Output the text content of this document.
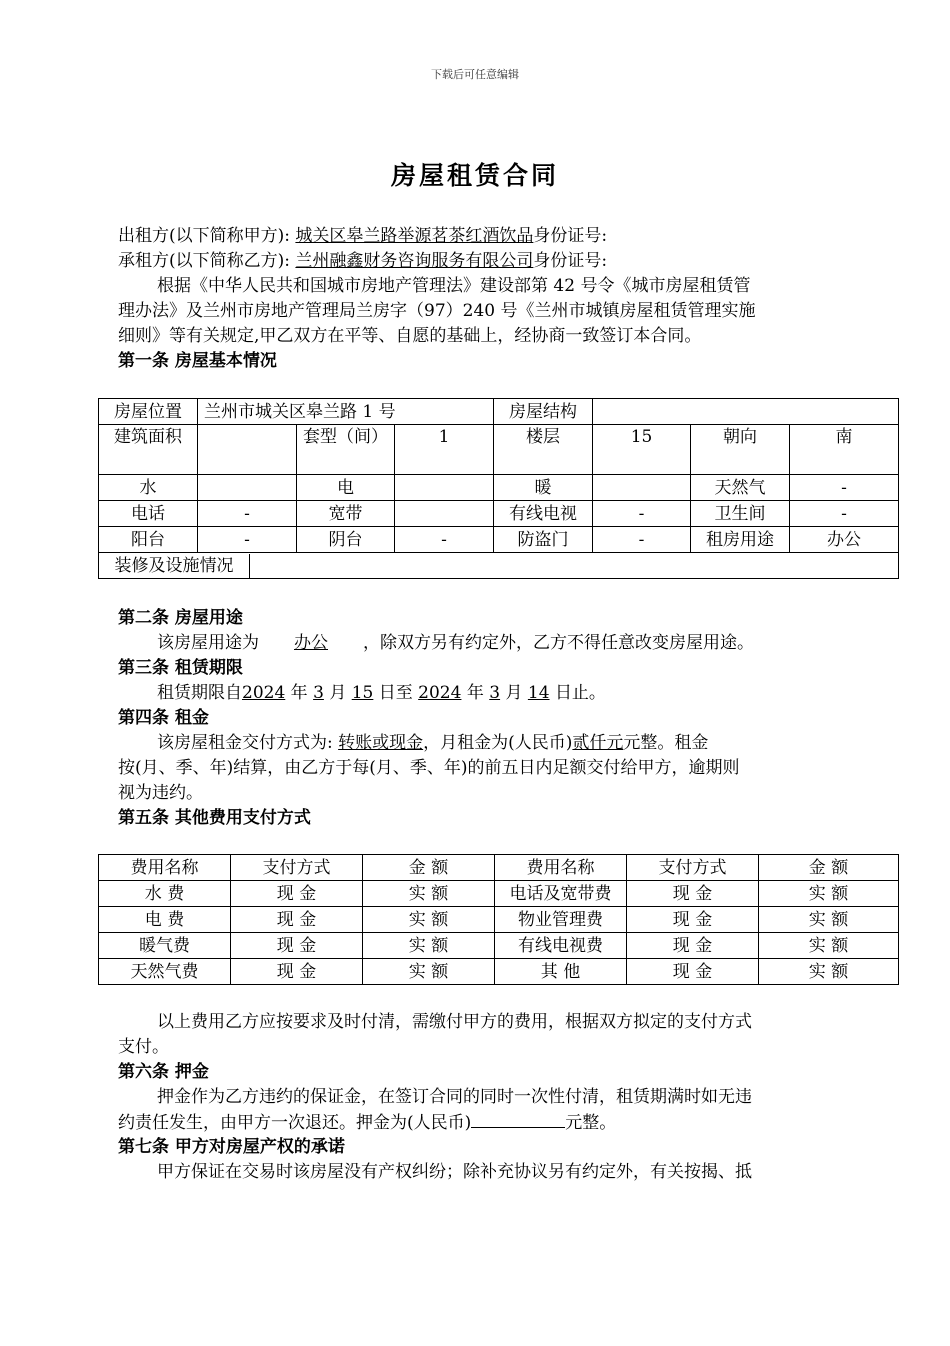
下载后可任意编辑
房屋租赁合同
出租方(以下简称甲方): 城关区皋兰路举源茗茶红酒饮品身份证号:
承租方(以下简称乙方): 兰州融鑫财务咨询服务有限公司身份证号:
根据《中华人民共和国城市房地产管理法》建设部第 42 号令《城市房屋租赁管
理办法》及兰州市房地产管理局兰房字（97）240 号《兰州市城镇房屋租赁管理实施
细则》等有关规定,甲乙双方在平等、自愿的基础上，经协商一致签订本合同。
第一条 房屋基本情况
房屋位置	兰州市城关区皋兰路 1 号			房屋结构			
建筑面积		套型（间）	1	楼层	15	朝向	南
水		电		暖		天然气	-
电话	-	宽带		有线电视	-	卫生间	-
阳台	-	阴台	-	防盗门	-	租房用途	办公
装修及设施情况							
第二条 房屋用途
该房屋用途为 办公 ，除双方另有约定外，乙方不得任意改变房屋用途。
第三条 租赁期限
租赁期限自2024 年 3 月 15 日至 2024 年 3 月 14 日止。
第四条 租金
该房屋租金交付方式为: 转账或现金，月租金为(人民币)贰仟元元整。租金
按(月、季、年)结算，由乙方于每(月、季、年)的前五日内足额交付给甲方，逾期则
视为违约。
第五条 其他费用支付方式
费用名称	支付方式	金 额	费用名称	支付方式	金 额
水 费	现 金	实 额	电话及宽带费	现 金	实 额
电 费	现 金	实 额	物业管理费	现 金	实 额
暖气费	现 金	实 额	有线电视费	现 金	实 额
天然气费	现 金	实 额	其 他	现 金	实 额
以上费用乙方应按要求及时付清，需缴付甲方的费用，根据双方拟定的支付方式
支付。
第六条 押金
押金作为乙方违约的保证金，在签订合同的同时一次性付清，租赁期满时如无违
约责任发生，由甲方一次退还。押金为(人民币)	元整。
第七条 甲方对房屋产权的承诺
甲方保证在交易时该房屋没有产权纠纷；除补充协议另有约定外，有关按揭、抵
